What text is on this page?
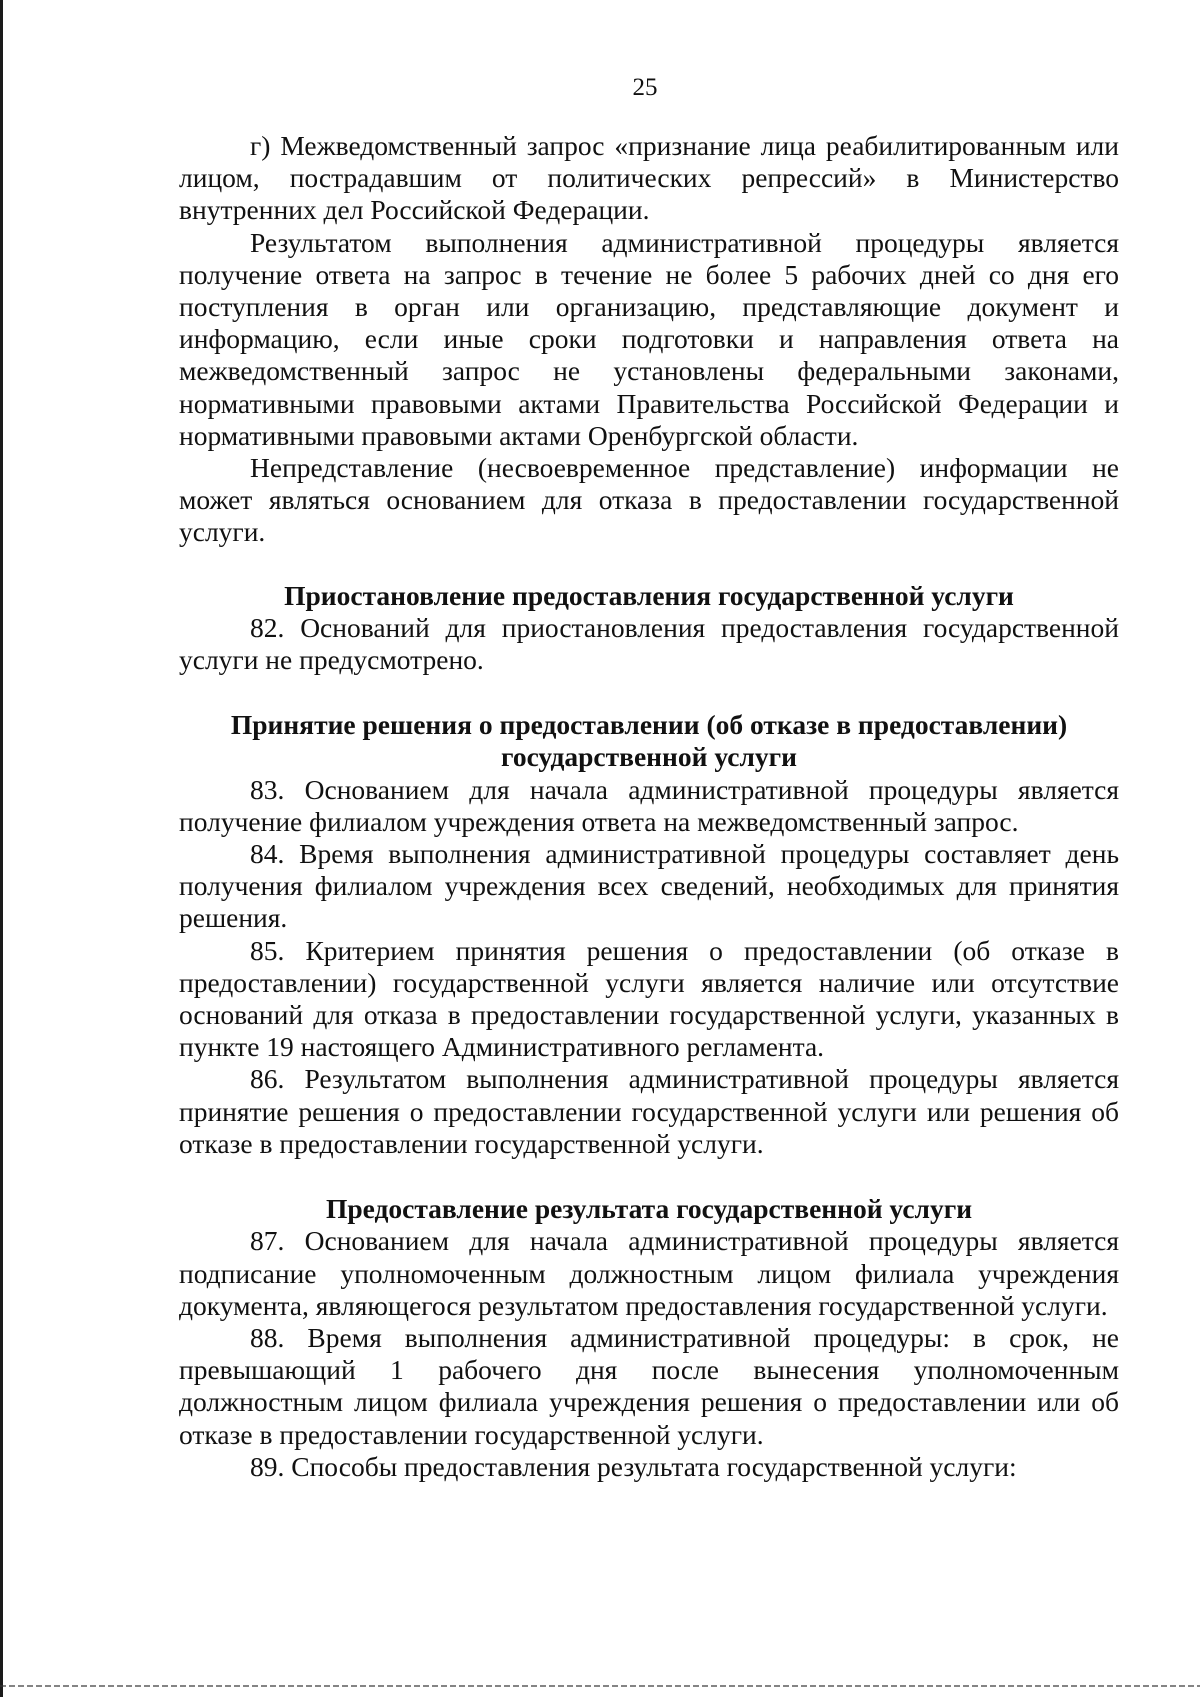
25

г) Межведомственный запрос «признание лица реабилитированным или лицом, пострадавшим от политических репрессий» в Министерство внутренних дел Российской Федерации.

Результатом выполнения административной процедуры является получение ответа на запрос в течение не более 5 рабочих дней со дня его поступления в орган или организацию, представляющие документ и информацию, если иные сроки подготовки и направления ответа на межведомственный запрос не установлены федеральными законами, нормативными правовыми актами Правительства Российской Федерации и нормативными правовыми актами Оренбургской области.

Непредставление (несвоевременное представление) информации не может являться основанием для отказа в предоставлении государственной услуги.

Приостановление предоставления государственной услуги

82. Оснований для приостановления предоставления государственной услуги не предусмотрено.

Принятие решения о предоставлении (об отказе в предоставлении) государственной услуги

83. Основанием для начала административной процедуры является получение филиалом учреждения ответа на межведомственный запрос.

84. Время выполнения административной процедуры составляет день получения филиалом учреждения всех сведений, необходимых для принятия решения.

85. Критерием принятия решения о предоставлении (об отказе в предоставлении) государственной услуги является наличие или отсутствие оснований для отказа в предоставлении государственной услуги, указанных в пункте 19 настоящего Административного регламента.

86. Результатом выполнения административной процедуры является принятие решения о предоставлении государственной услуги или решения об отказе в предоставлении государственной услуги.

Предоставление результата государственной услуги

87. Основанием для начала административной процедуры является подписание уполномоченным должностным лицом филиала учреждения документа, являющегося результатом предоставления государственной услуги.

88. Время выполнения административной процедуры: в срок, не превышающий 1 рабочего дня после вынесения уполномоченным должностным лицом филиала учреждения решения о предоставлении или об отказе в предоставлении государственной услуги.

89. Способы предоставления результата государственной услуги:
